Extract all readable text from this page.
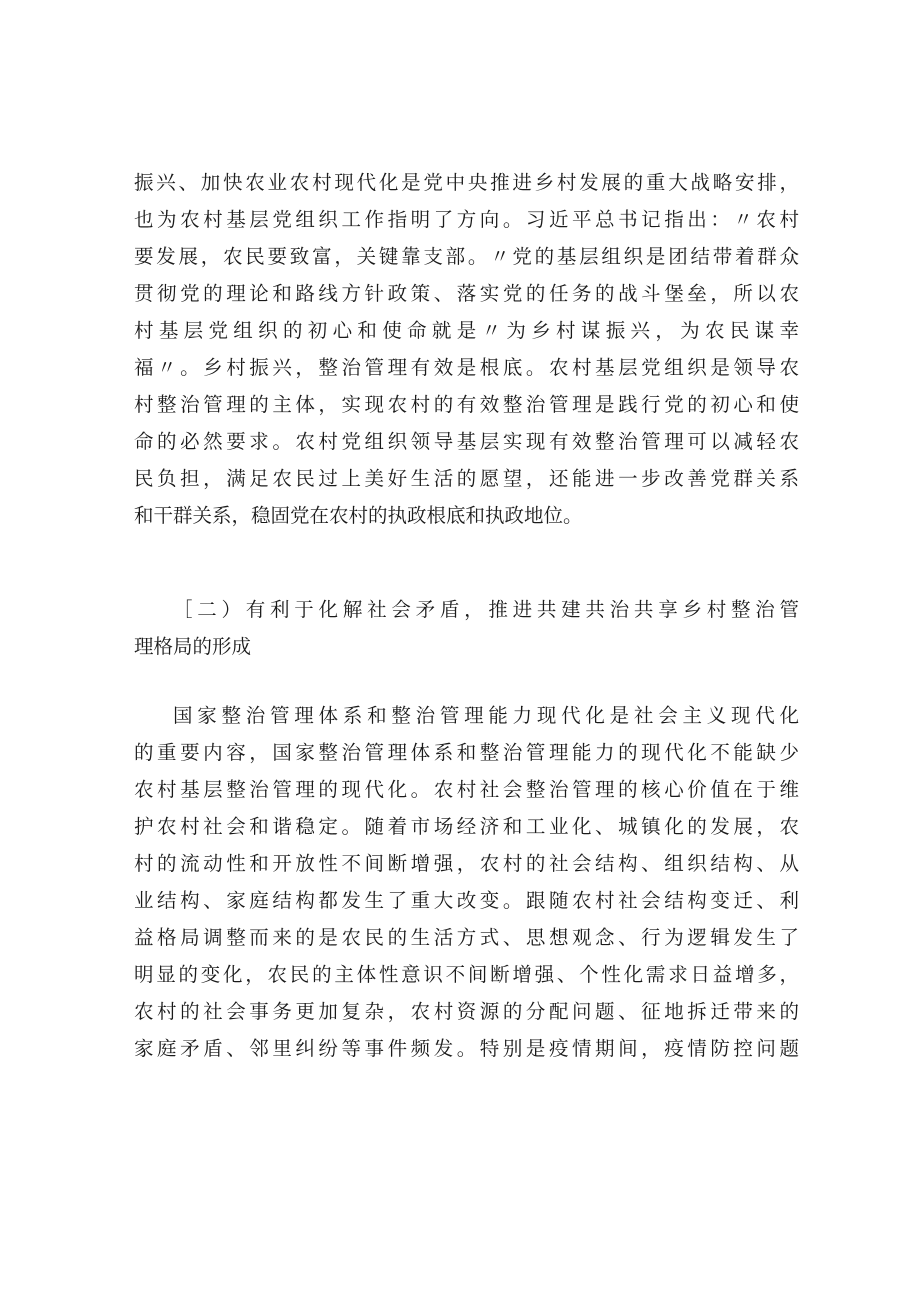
振兴、加快农业农村现代化是党中央推进乡村发展的重大战略安排，
也为农村基层党组织工作指明了方向。习近平总书记指出：〃农村
要发展，农民要致富，关键靠支部。〃党的基层组织是团结带着群众
贯彻党的理论和路线方针政策、落实党的任务的战斗堡垒，所以农
村基层党组织的初心和使命就是〃为乡村谋振兴，为农民谋幸
福〃。乡村振兴，整治管理有效是根底。农村基层党组织是领导农
村整治管理的主体，实现农村的有效整治管理是践行党的初心和使
命的必然要求。农村党组织领导基层实现有效整治管理可以减轻农
民负担，满足农民过上美好生活的愿望，还能进一步改善党群关系
和干群关系，稳固党在农村的执政根底和执政地位。
［二）有利于化解社会矛盾，推进共建共治共享乡村整治管
理格局的形成
国家整治管理体系和整治管理能力现代化是社会主义现代化
的重要内容，国家整治管理体系和整治管理能力的现代化不能缺少
农村基层整治管理的现代化。农村社会整治管理的核心价值在于维
护农村社会和谐稳定。随着市场经济和工业化、城镇化的发展，农
村的流动性和开放性不间断增强，农村的社会结构、组织结构、从
业结构、家庭结构都发生了重大改变。跟随农村社会结构变迁、利
益格局调整而来的是农民的生活方式、思想观念、行为逻辑发生了
明显的变化，农民的主体性意识不间断增强、个性化需求日益增多，
农村的社会事务更加复杂，农村资源的分配问题、征地拆迁带来的
家庭矛盾、邻里纠纷等事件频发。特别是疫情期间，疫情防控问题
